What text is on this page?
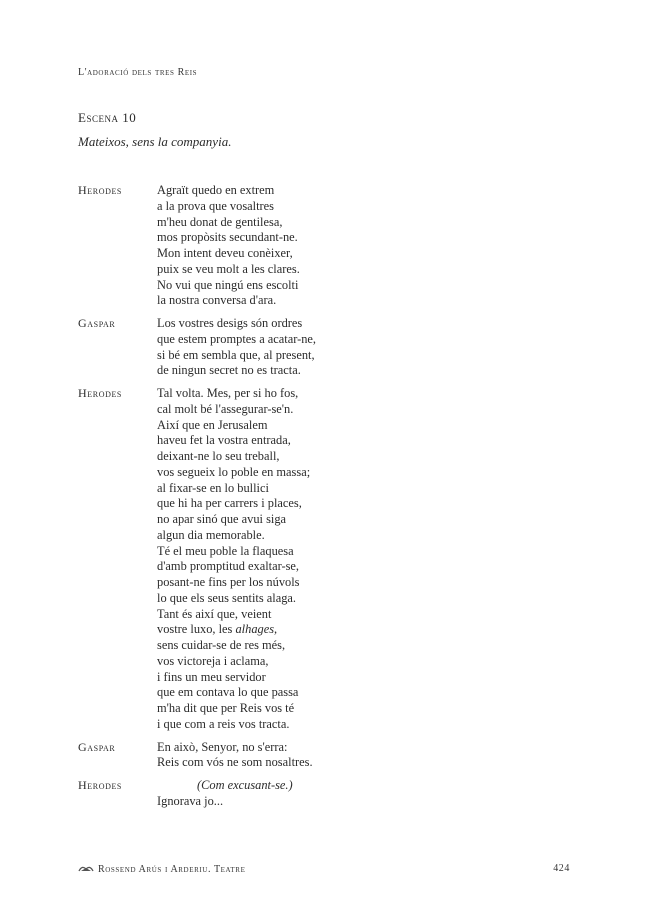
L'adoració dels tres Reis
Escena 10
Mateixos, sens la companyia.
Herodes	Agraït quedo en extrem
a la prova que vosaltres
m'heu donat de gentilesa,
mos propòsits secundant-ne.
Mon intent deveu conèixer,
puix se veu molt a les clares.
No vui que ningú ens escolti
la nostra conversa d'ara.
Gaspar	Los vostres desigs són ordres
que estem promptes a acatar-ne,
si bé em sembla que, al present,
de ningun secret no es tracta.
Herodes	Tal volta. Mes, per si ho fos,
cal molt bé l'assegurar-se'n.
Així que en Jerusalem
haveu fet la vostra entrada,
deixant-ne lo seu treball,
vos segueix lo poble en massa;
al fixar-se en lo bullici
que hi ha per carrers i places,
no apar sinó que avui siga
algun dia memorable.
Té el meu poble la flaquesa
d'amb promptitud exaltar-se,
posant-ne fins per los núvols
lo que els seus sentits alaga.
Tant és així que, veient
vostre luxo, les alhages,
sens cuidar-se de res més,
vos victoreja i aclama,
i fins un meu servidor
que em contava lo que passa
m'ha dit que per Reis vos té
i que com a reis vos tracta.
Gaspar	En això, Senyor, no s'erra:
Reis com vós ne som nosaltres.
Herodes	(Com excusant-se.)
Ignorava jo...
Rossend Arús i Arderiu. Teatre	424
